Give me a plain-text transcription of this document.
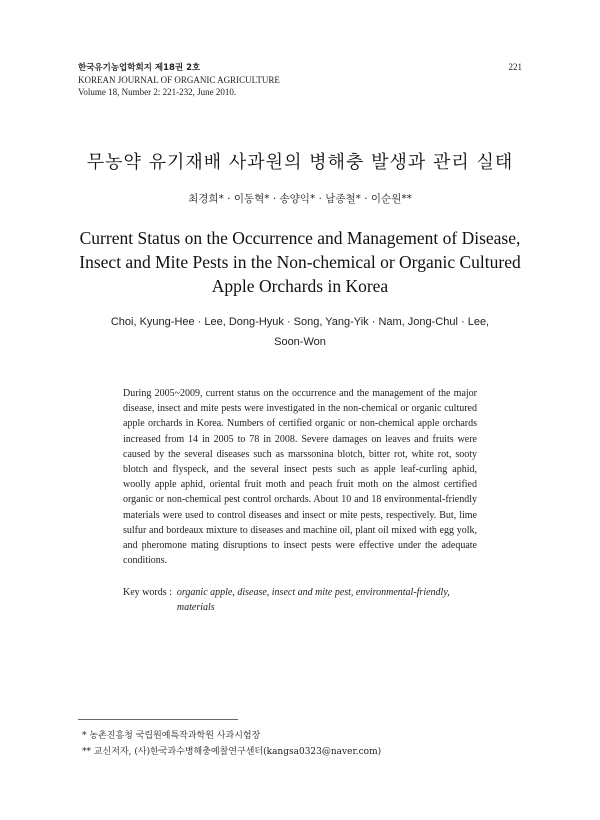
한국유기농업학회지 제18권 2호
KOREAN JOURNAL OF ORGANIC AGRICULTURE
Volume 18, Number 2: 221-232, June 2010.
221
무농약 유기재배 사과원의 병해충 발생과 관리 실태
최경희* · 이동혁* · 송양익* · 남종철* · 이순원**
Current Status on the Occurrence and Management of Disease, Insect and Mite Pests in the Non-chemical or Organic Cultured Apple Orchards in Korea
Choi, Kyung-Hee · Lee, Dong-Hyuk · Song, Yang-Yik · Nam, Jong-Chul · Lee, Soon-Won
During 2005~2009, current status on the occurrence and the management of the major disease, insect and mite pests were investigated in the non-chemical or organic cultured apple orchards in Korea. Numbers of certified organic or non-chemical apple orchards increased from 14 in 2005 to 78 in 2008. Severe damages on leaves and fruits were caused by the several diseases such as marssonina blotch, bitter rot, white rot, sooty blotch and flyspeck, and the several insect pests such as apple leaf-curling aphid, woolly apple aphid, oriental fruit moth and peach fruit moth on the almost certified organic or non-chemical pest control orchards. About 10 and 18 environmental-friendly materials were used to control diseases and insect or mite pests, respectively. But, lime sulfur and bordeaux mixture to diseases and machine oil, plant oil mixed with egg yolk, and pheromone mating disruptions to insect pests were effective under the adequate conditions.
Key words : organic apple, disease, insect and mite pest, environmental-friendly, materials
* 농촌진흥청 국립원예특작과학원 사과시험장
** 교신저자, (사)한국과수병해충예찰연구센터(kangsa0323@naver.com)
